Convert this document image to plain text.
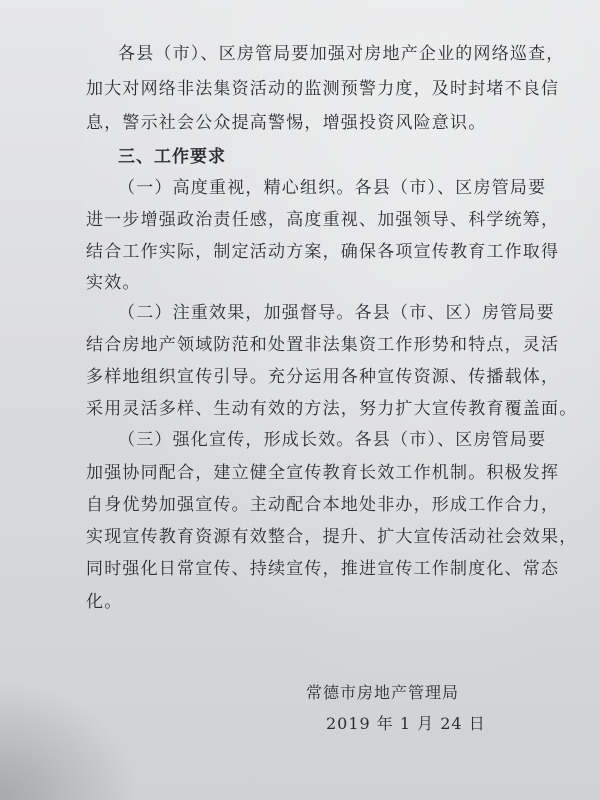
各县（市）、区房管局要加强对房地产企业的网络巡查，
加大对网络非法集资活动的监测预警力度，及时封堵不良信
息，警示社会公众提高警惕，增强投资风险意识。
三、工作要求
（一）高度重视，精心组织。各县（市）、区房管局要
进一步增强政治责任感，高度重视、加强领导、科学统筹，
结合工作实际，制定活动方案，确保各项宣传教育工作取得
实效。
（二）注重效果，加强督导。各县（市、区）房管局要
结合房地产领域防范和处置非法集资工作形势和特点，灵活
多样地组织宣传引导。充分运用各种宣传资源、传播载体，
采用灵活多样、生动有效的方法，努力扩大宣传教育覆盖面。
（三）强化宣传，形成长效。各县（市）、区房管局要
加强协同配合，建立健全宣传教育长效工作机制。积极发挥
自身优势加强宣传。主动配合本地处非办，形成工作合力，
实现宣传教育资源有效整合，提升、扩大宣传活动社会效果，
同时强化日常宣传、持续宣传，推进宣传工作制度化、常态
化。
常德市房地产管理局
2019 年 1 月 24 日
